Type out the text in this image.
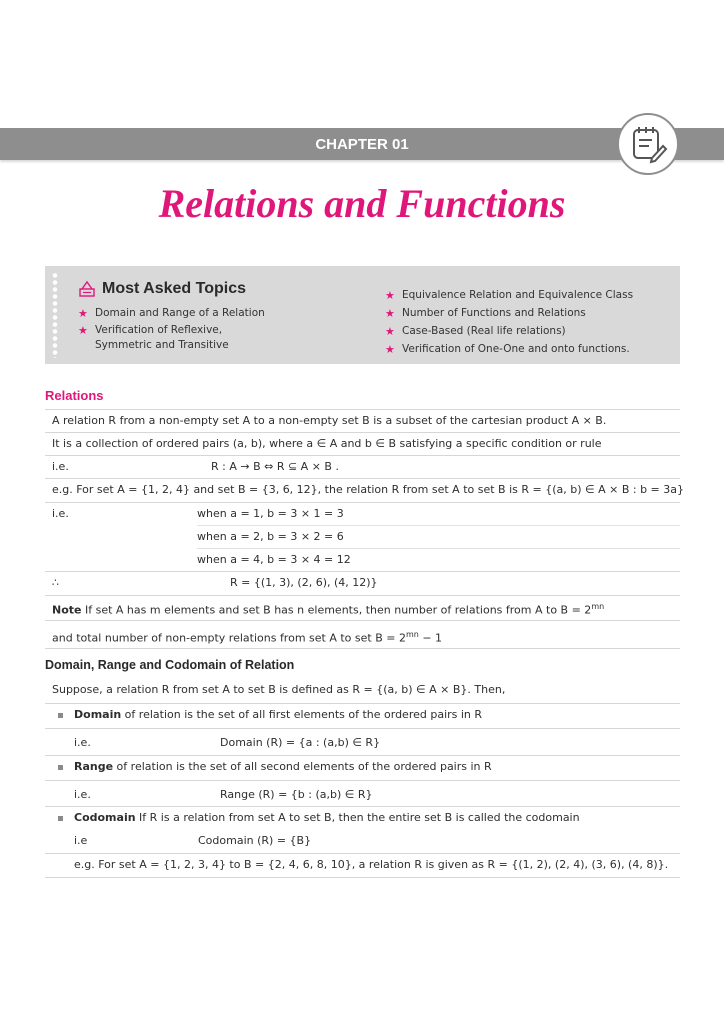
CHAPTER 01
Relations and Functions
Most Asked Topics
★ Domain and Range of a Relation
★ Verification of Reflexive,
Symmetric and Transitive
★ Equivalence Relation and Equivalence Class
★ Number of Functions and Relations
★ Case-Based (Real life relations)
★ Verification of One-One and onto functions.
Relations
A relation R from a non-empty set A to a non-empty set B is a subset of the cartesian product A × B.
It is a collection of ordered pairs (a, b), where a ∈ A and b ∈ B satisfying a specific condition or rule
i.e.	R : A → B ⇔ R ⊆ A × B .
e.g. For set A = {1, 2, 4} and set B = {3, 6, 12}, the relation R from set A to set B is R = {(a, b) ∈ A × B : b = 3a}
i.e.	when a = 1, b = 3 × 1 = 3
when a = 2, b = 3 × 2 = 6
when a = 4, b = 3 × 4 = 12
∴	R = {(1, 3), (2, 6), (4, 12)}
Note If set A has m elements and set B has n elements, then number of relations from A to $B = 2^{mn}$
and total number of non-empty relations from set A to set $B = 2^{mn} - 1$
Domain, Range and Codomain of Relation
Suppose, a relation R from set A to set B is defined as R = {(a, b) ∈ A × B}. Then,
Domain of relation is the set of all first elements of the ordered pairs in R
i.e.	Domain (R) = {a : (a,b) ∈ R}
Range of relation is the set of all second elements of the ordered pairs in R
i.e.	Range (R) = {b : (a,b) ∈ R}
Codomain If R is a relation from set A to set B, then the entire set B is called the codomain
i.e	Codomain (R) = {B}
e.g. For set A = {1, 2, 3, 4} to B = {2, 4, 6, 8, 10}, a relation R is given as R = {(1, 2), (2, 4), (3, 6), (4, 8)}.
